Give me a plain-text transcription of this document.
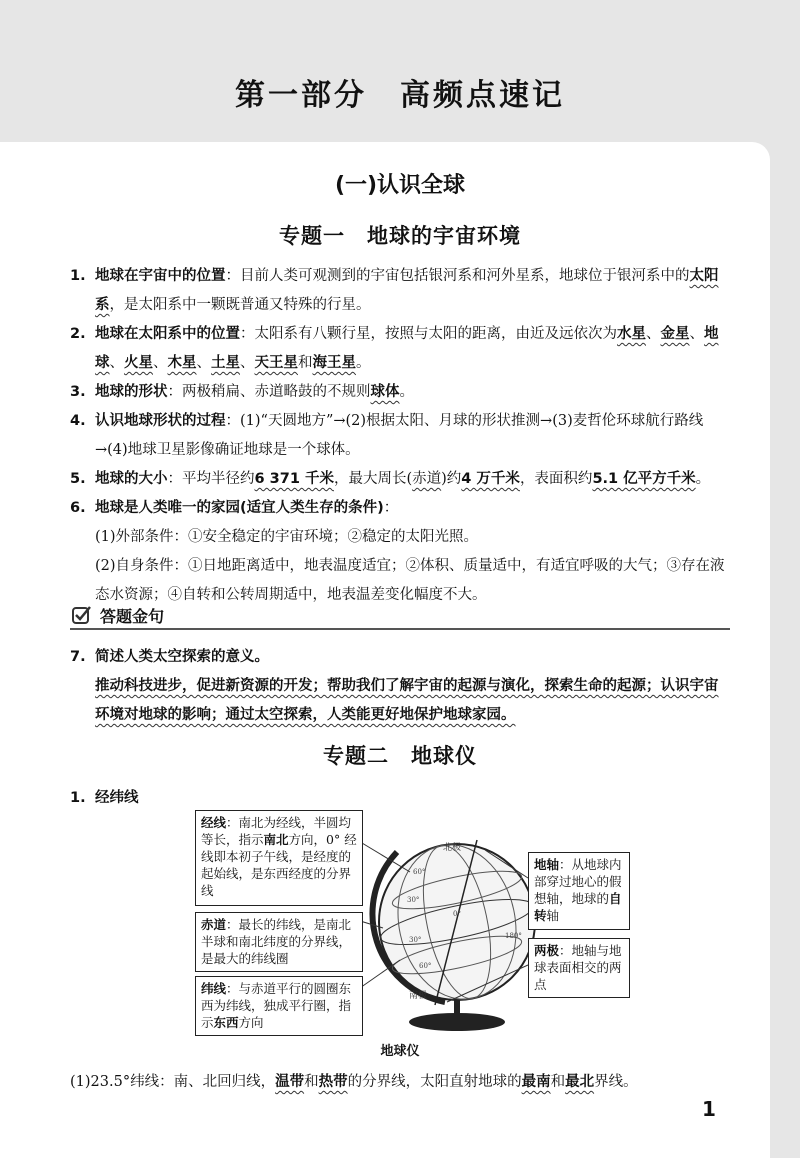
第一部分　高频点速记
(一)认识全球
专题一　地球的宇宙环境
1. 地球在宇宙中的位置：目前人类可观测到的宇宙包括银河系和河外星系，地球位于银河系中的太阳系，是太阳系中一颗既普通又特殊的行星。
2. 地球在太阳系中的位置：太阳系有八颗行星，按照与太阳的距离，由近及远依次为水星、金星、地球、火星、木星、土星、天王星和海王星。
3. 地球的形状：两极稍扁、赤道略鼓的不规则球体。
4. 认识地球形状的过程：(1)“天圆地方”→(2)根据太阳、月球的形状推测→(3)麦哲伦环球航行路线→(4)地球卫星影像确证地球是一个球体。
5. 地球的大小：平均半径约6 371 千米，最大周长(赤道)约4 万千米，表面积约5.1 亿平方千米。
6. 地球是人类唯一的家园(适宜人类生存的条件)：
(1)外部条件：①安全稳定的宇宙环境；②稳定的太阳光照。
(2)自身条件：①日地距离适中，地表温度适宜；②体积、质量适中，有适宜呼吸的大气；③存在液态水资源；④自转和公转周期适中，地表温差变化幅度不大。
答题金句
7. 简述人类太空探索的意义。
推动科技进步，促进新资源的开发；帮助我们了解宇宙的起源与演化，探索生命的起源；认识宇宙环境对地球的影响；通过太空探索，人类能更好地保护地球家园。
专题二　地球仪
1. 经纬线
北极
南极
60°
30°
30°
60°
0°
180°
经线：南北为经线，半圆均等长，指示南北方向，0° 经线即本初子午线，是经度的起始线，是东西经度的分界线
赤道：最长的纬线，是南北半球和南北纬度的分界线，是最大的纬线圈
纬线：与赤道平行的圆圈东西为纬线，独成平行圈，指示东西方向
地轴：从地球内部穿过地心的假想轴，地球的自转轴
两极：地轴与地球表面相交的两点
地球仪
(1)23.5°纬线：南、北回归线，温带和热带的分界线，太阳直射地球的最南和最北界线。
1
